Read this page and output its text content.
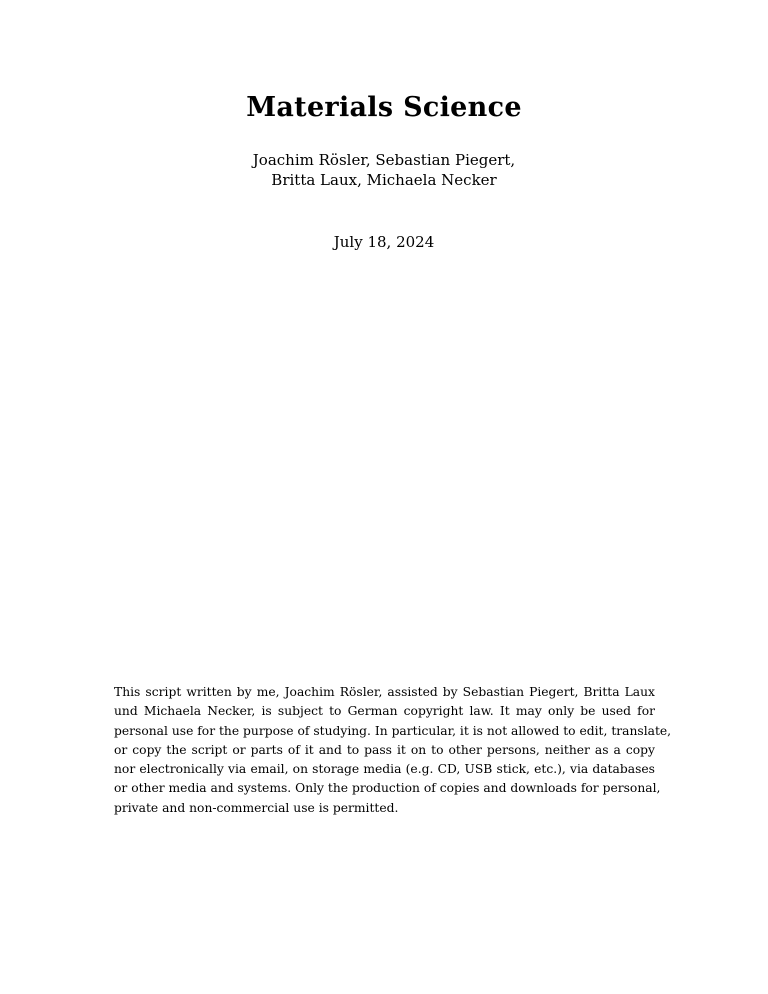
Materials Science
Joachim Rösler, Sebastian Piegert,
Britta Laux, Michaela Necker
July 18, 2024
This script written by me, Joachim Rösler, assisted by Sebastian Piegert, Britta Laux
und Michaela Necker, is subject to German copyright law. It may only be used for
personal use for the purpose of studying. In particular, it is not allowed to edit, translate,
or copy the script or parts of it and to pass it on to other persons, neither as a copy
nor electronically via email, on storage media (e.g. CD, USB stick, etc.), via databases
or other media and systems. Only the production of copies and downloads for personal,
private and non-commercial use is permitted.
